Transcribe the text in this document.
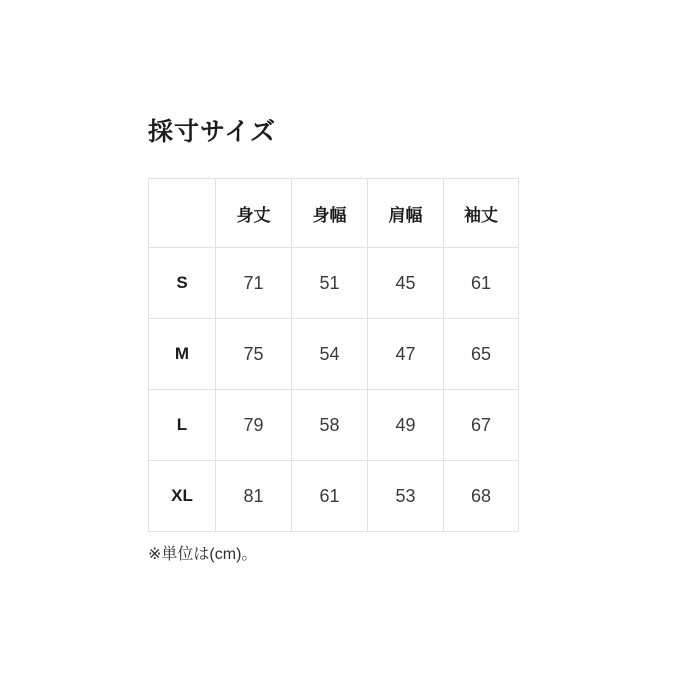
採寸サイズ
	身丈	身幅	肩幅	袖丈
S	71	51	45	61
M	75	54	47	65
L	79	58	49	67
XL	81	61	53	68

※単位は(cm)。
